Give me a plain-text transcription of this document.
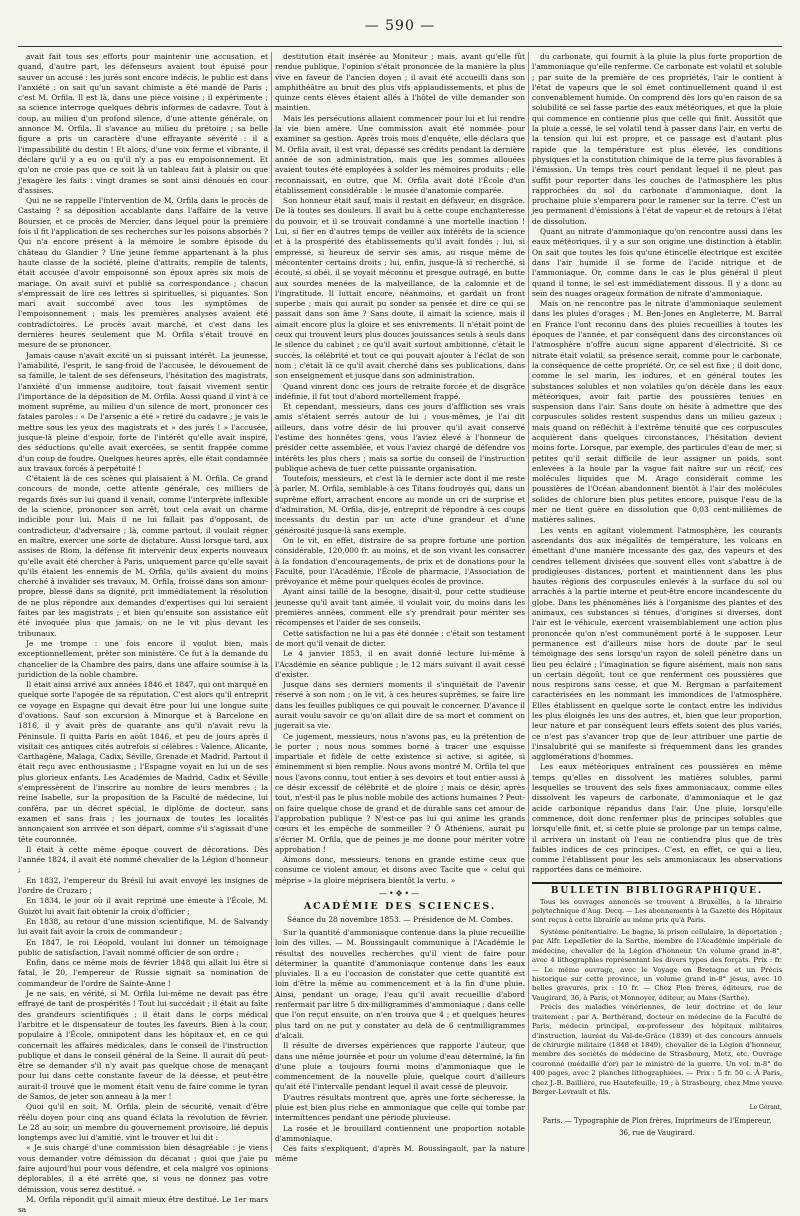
— 590 —

avait fait tous ses efforts pour maintenir une accusation, et quand, d'autre part, les défenseurs avaient tout épuisé pour sauver un accusé : les jurés sont encore indécis, le public est dans l'anxiété : on sait qu'un savant chimiste a été mandé de Paris ; c'est M. Orfila. Il est là, dans une pièce voisine ; il expérimente ; sa science interroge quelques débris informes de cadavre. Tout à coup, au milieu d'un profond silence, d'une attente générale, on annonce M. Orfila. Il s'avance au milieu du prétoire ; sa belle figure a pris un caractère d'une effrayante sévérité : il a l'impassibilité du destin ! Et alors, d'une voix ferme et vibrante, il déclare qu'il y a eu ou qu'il n'y a pas eu empoisonnement. Et qu'on ne croie pas que ce soit là un tableau fait à plaisir ou que j'exagère les faits : vingt drames se sont ainsi dénoués en cour d'assises.

Qui ne se rappelle l'intervention de M. Orfila dans le procès de Castaing ? sa déposition accablante dans l'affaire de la veuve Boursier, et ce procès de Mercier, dans lequel pour la première fois il fit l'application de ses recherches sur les poisons absorbés ? Qui n'a encore présent à la mémoire le sombre épisode du château du Glandier ? Une jeune femme appartenant à la plus haute classe de la société, pleine d'attraits, remplie de talents, était accusée d'avoir empoisonné son époux après six mois de mariage. On avait suivi et publié sa correspondance ; chacun s'empressait de lire ces lettres si spirituelles, si piquantes. Son mari avait succombé avec tous les symptômes de l'empoisonnement ; mais les premières analyses avaient été contradictoires. Le procès avait marché, et c'est dans les dernières heures seulement que M. Orfila s'était trouvé en mesure de se prononcer.

Jamais cause n'avait excité un si puissant intérêt. La jeunesse, l'amabilité, l'esprit, le sang-froid de l'accusée, le dévouement de sa famille, le talent de ses défenseurs, l'hésitation des magistrats, l'anxiété d'un immense auditoire, tout faisait vivement sentir l'importance de la déposition de M. Orfila. Aussi quand il vint à ce moment suprême, au milieu d'un silence de mort, prononcer ces fatales paroles : « De l'arsenic a été » retiré du cadavre ; je vais le mettre sous les yeux des magistrats et » des jurés ! » l'accusée, jusque-là pleine d'espoir, forte de l'intérêt qu'elle avait inspiré, des séductions qu'elle avait exercées, se sentit frappée comme d'un coup de foudre. Quelques heures après, elle était condamnée aux travaux forcés à perpétuité !

C'étaient là de ces scènes qui plaisaient à M. Orfila. Ce grand concours de monde, cette attente générale, ces milliers de regards fixés sur lui quand il venait, comme l'interprète inflexible de la science, prononcer son arrêt, tout cela avait un charme indicible pour lui. Mais il ne lui fallait pas d'opposant, de contradicteur, d'adversaire ; là, comme partout, il voulait régner en maître, exercer une sorte de dictature. Aussi lorsque tard, aux assises de Riom, la défense fit intervenir deux experts nouveaux qu'elle avait été chercher à Paris, uniquement parce qu'elle savait qu'ils étaient les ennemis de M. Orfila, qu'ils avaient du moins cherché à invalider ses travaux, M. Orfila, froissé dans son amour-propre, blessé dans sa dignité, prit immédiatement la résolution de ne plus répondre aux demandes d'expertises qui lui seraient faites par les magistrats ; et bien qu'ensuite son assistance eût été invoquée plus que jamais, on ne le vit plus devant les tribunaux.

Je me trompe : une fois encore il voulut bien, mais exceptionnellement, prêter son ministère. Ce fut à la demande du chancelier de la Chambre des pairs, dans une affaire soumise à la juridiction de la noble chambre.

Il était ainsi arrivé aux années 1846 et 1847, qui ont marqué en quelque sorte l'apogée de sa réputation. C'est alors qu'il entreprit ce voyage en Espagne qui devait être pour lui une longue suite d'ovations. Sauf son excursion à Minorque et à Barcelone en 1816, il y avait près de quarante ans qu'il n'avait revu la Péninsule. Il quitta Paris en août 1846, et peu de jours après il visitait ces antiques cités autrefois si célèbres : Valence, Alicante, Carthagène, Malaga, Cadix, Séville, Grenade et Madrid. Partout il était reçu avec enthousiasme ; l'Espagne voyait en lui un de ses plus glorieux enfants. Les Académies de Madrid, Cadix et Séville s'empressèrent de l'inscrire au nombre de leurs membres ; la reine Isabelle, sur la proposition de la Faculté de médecine, lui conféra, par un décret spécial, le diplôme de docteur, sans examen et sans frais ; les journaux de toutes les localités annonçaient son arrivée et son départ, comme s'il s'agissait d'une tête couronnée.

Il était à cette même époque couvert de décorations. Dès l'année 1824, il avait été nommé chevalier de la Légion d'honneur ;

En 1832, l'empereur du Brésil lui avait envoyé les insignes de l'ordre de Cruzaro ;

En 1834, le jour où il avait reprimé une émeute à l'École, M. Guizot lui avait fait obtenir la croix d'officier ;

En 1838, au retour d'une mission scientifique, M. de Salvandy lui avait fait avoir la croix de commandeur ;

En 1847, le roi Léopold, voulant lui donner un témoignage public de satisfaction, l'avait nommé officier de son ordre ;

Enfin, dans ce même mois de février 1848 qui allait lui être si fatal, le 20, l'empereur de Russie signait sa nomination de commandeur de l'ordre de Sainte-Anne !

Je ne sais, en vérité, si M. Orfila lui-même ne devait pas être effrayé de tant de prospérités ! Tout lui succédait ; il était au faîte des grandeurs scientifiques ; il était dans le corps médical l'arbitre et le dispensateur de toutes les faveurs. Bien à la cour, populaire à l'École, omnipotent dans les hôpitaux et, en ce qui concernait les affaires médicales, dans le conseil de l'instruction publique et dans le conseil général de la Seine. Il aurait dû peut-être se demander s'il n'y avait pas quelque chose de menaçant pour lui dans cette constante faveur de la déesse, et peut-être aurait-il trouvé que le moment était venu de faire comme le tyran de Samos, de jeter son anneau à la mer !

Quoi qu'il en soit, M. Orfila, plein de sécurité, venait d'être réélu doyen pour cinq ans quand éclata la révolution de février. Le 28 au soir, un membre du gouvernement provisoire, lié depuis longtemps avec lui d'amitié, vint le trouver et lui dit :

« Je suis chargé d'une commission bien désagréable : je viens vous demander votre démission du décanat ; quoi que j'aie pu faire aujourd'hui pour vous défendre, et cela malgré vos opinions déplorables, il a été arrêté que, si vous ne donnez pas votre démission, vous serez destitué. »

M. Orfila répondit qu'il aimait mieux être destitué. Le 1er mars sa

destitution était insérée au Moniteur ; mais, avant qu'elle fût rendue publique, l'opinion s'était prononcée de la manière la plus vive en faveur de l'ancien doyen ; il avait été accueilli dans son amphithéâtre au bruit des plus vifs applaudissements, et plus de quinze cents élèves étaient allés à l'hôtel de ville demander son maintien.

Mais les persécutions allaient commencer pour lui et lui rendre la vie bien amère. Une commission avait été nommée pour examiner sa gestion. Après trois mois d'enquête, elle déclara que M. Orfila avait, il est vrai, dépassé ses crédits pendant la dernière année de son administration, mais que les sommes allouées avaient toutes été employées à solder les mémoires produits ; elle reconnaissait, en outre, que M. Orfila avait doté l'École d'un établissement considérable : le musée d'anatomie comparée.

Son honneur était sauf, mais il restait en défaveur, en disgrâce. De là toutes ses douleurs. Il avait bu à cette coupe enchanteresse du pouvoir, et il se trouvait condamné à une mortelle inaction ! Lui, si fier en d'autres temps de veiller aux intérêts de la science et à la prospérité des établissements qu'il avait fondés ; lui, si empressé, si heureux de servir ses amis, au risque même de mécontenter certains droits ; lui, enfin, jusque-là si recherché, si écouté, si obéi, il se voyait méconnu et presque outragé, en butte aux sourdes menées de la malveillance, de la calomnie et de l'ingratitude. Il luttait encore, néanmoins, et gardait un front superbe ; mais qui aurait pu sonder sa pensée et dire ce qui se passait dans son âme ? Sans doute, il aimait la science, mais il aimait encore plus la gloire et ses enivrements. Il n'était point de ceux qui trouvent leurs plus douces jouissances seuls à seuls dans le silence du cabinet ; ce qu'il avait surtout ambitionné, c'était le succès, la célébrité et tout ce qui pouvait ajouter à l'éclat de son nom ; c'était là ce qu'il avait cherché dans ses publications, dans son enseignement et jusque dans son administration.

Quand vinrent donc ces jours de retraite forcée et de disgrâce indéfinie, il fut tout d'abord mortellement frappé.

Et cependant, messieurs, dans ces jours d'affliction ses vrais amis s'étaient serrés autour de lui ; vous-mêmes, je l'ai dit ailleurs, dans votre désir de lui prouver qu'il avait conservé l'estime des honnêtes gens, vous l'aviez élevé à l'honneur de présider cette assemblée, et vous l'aviez chargé de défendre vos intérêts les plus chers ; mais sa sortie du conseil de l'instruction publique acheva de tuer cette puissante organisation.

Toutefois, messieurs, et c'est là le dernier acte dont il me reste à parler, M. Orfila, semblable à ces Titans foudroyés qui, dans un suprême effort, arrachent encore au monde un cri de surprise et d'admiration, M. Orfila, dis-je, entreprit de répondre à ces coups incessants du destin par un acte d'une grandeur et d'une générosité jusque-là sans exemple.

On le vit, en effet, distraire de sa propre fortune une portion considérable, 120,000 fr. au moins, et de son vivant les consacrer à la fondation d'encouragements, de prix et de donations pour la Faculté, pour l'Académie, l'École de pharmacie, l'Association de prévoyance et même pour quelques écoles de province.

Ayant ainsi taillé de la besogne, disait-il, pour cette studieuse jeunesse qu'il avait tant aimée, il voulait voir, du moins dans les premières années, comment elle s'y prendrait pour mériter ses récompenses et l'aider de ses conseils.

Cette satisfaction ne lui a pas été donnée : c'était son testament de mort qu'il venait de dicter.

Le 4 janvier 1853, il en avait donné lecture lui-même à l'Académie en séance publique ; le 12 mars suivant il avait cessé d'exister.

Jusque dans ses derniers moments il s'inquiétait de l'avenir réservé à son nom ; on le vit, à ces heures suprêmes, se faire lire dans les feuilles publiques ce qui pouvait le concerner. D'avance il aurait voulu savoir ce qu'on allait dire de sa mort et comment on jugerait sa vie.

Ce jugement, messieurs, nous n'avons pas, eu la prétention de le porter ; nous nous sommes borné à tracer une esquisse impartiale et fidèle de cette existence si active, si agitée, si éminemment si bien remplie. Nous avons montré M. Orfila tel que nous l'avons connu, tout entier à ses devoirs et tout entier aussi à ce désir excessif de célébrité et de gloire ; mais ce désir, après tout, n'est-il pas le plus noble mobile des actions humaines ? Peut-on faire quelque chose de grand et de durable sans cet amour de l'approbation publique ? N'est-ce pas lui qui anime les grands cœurs et les empêche de sommeiller ? Ô Athéniens, aurait pu s'écrier M. Orfila, que de peines je me donne pour mériter votre approbation !

Aimons donc, messieurs, tenons en grande estime ceux que consume ce violent amour, et disons avec Tacite que « celui qui méprise » la gloire méprisera bientôt la vertu. »

—•✥•—
ACADÉMIE DES SCIENCES.
Séance du 28 novembre 1853. — Présidence de M. Combes.

Sur la quantité d'ammoniaque contenue dans la pluie recueillie loin des villes. — M. Boussingault communique à l'Académie le résultat des nouvelles recherches qu'il vient de faire pour déterminer la quantité d'ammoniaque contenue dans les eaux pluviales. Il a eu l'occasion de constater que cette quantité est loin d'être la même au commencement et à la fin d'une pluie. Ainsi, pendant un orage, l'eau qu'il avait recueillie d'abord renfermait par litre 5 dix-milligrammes d'ammoniaque ; dans celle que l'on reçut ensuite, on n'en trouva que 4 ; et quelques heures plus tard on ne put y constater au delà de 6 centmilligrammes d'alcali.

Il résulte de diverses expériences que rapporte l'auteur, que dans une même journée et pour un volume d'eau déterminé, la fin d'une pluie a toujours fourni moins d'ammoniaque que le commencement de la nouvelle pluie, quelque court d'ailleurs qu'ait été l'intervalle pendant lequel il avait cessé de pleuvoir.

D'autres résultats montrent que, après une forte sécheresse, la pluie est bien plus riche en ammoniaque que celle qui tombe par intermittences pendant une période pluvieuse.

La rosée et le brouillard contiennent une proportion notable d'ammoniaque.

Ces faits s'expliquent, d'après M. Boussingault, par la nature même

du carbonate, qui fournit à la pluie la plus forte proportion de l'ammoniaque qu'elle renferme. Ce carbonate est volatil et soluble ; par suite de la première de ces propriétés, l'air le contient à l'état de vapeurs que le sol émet continuellement quand il est convenablement humide. On comprend dès lors qu'en raison de sa solubilité ce sel fasse partie des eaux météoriques, et que la pluie qui commence en contienne plus que celle qui finit. Aussitôt que la pluie a cessé, le sel volatil tend à passer dans l'air, en vertu de la tension qui lui est propre, et ce passage est d'autant plus rapide que la température est plus élevée, les conditions physiques et la constitution chimique de la terre plus favorables à l'émission. Un temps très court pendant lequel il ne pleut pas suffit pour reporter dans les couches de l'atmosphère les plus rapprochées du sol du carbonate d'ammoniaque, dont la prochaine pluie s'emparera pour le ramener sur la terre. C'est un jeu permanent d'émissions à l'état de vapeur et de retours à l'état de dissolution.

Quant au nitrate d'ammoniaque qu'on rencontre aussi dans les eaux météoriques, il y a sur son origine une distinction à établir. On sait que toutes les fois qu'une étincelle électrique est excitée dans l'air humide il se forme de l'acide nitrique et de l'ammoniaque. Or, comme dans le cas le plus général il pleut quand il tonne, le sel est immédiatement dissous. Il y a donc au sein des nuages orageux formation de nitrate d'ammoniaque.

Mais on ne rencontre pas le nitrate d'ammoniaque seulement dans les pluies d'orages ; M. Ben-Jones en Angleterre, M. Barral en France l'ont reconnu dans des pluies recueillies à toutes les époques de l'année, et par conséquent dans des circonstances où l'atmosphère n'offre aucun signe apparent d'électricité. Si ce nitrate était volatil, sa présence serait, comme pour le carbonate, la conséquence de cette propriété. Or, ce sel est fixe ; il doit donc, comme le sel marin, les iodures, et en général toutes les substances solubles et non volatiles qu'on décèle dans les eaux météoriques, avoir fait partie des poussières tenues en suspension dans l'air. Sans doute on hésite à admettre que des corpuscules solides restent suspendus dans un milieu gazeux ; mais quand on réfléchit à l'extrême ténuité que ces corpuscules acquièrent dans quelques circonstances, l'hésitation devient moins forte. Lorsque, par exemple, des particules d'eau de mer, si petites qu'il serait difficile de leur assigner un poids, sont enlevées à la houle par la vague fait naître sur un récif, ces molécules liquides que M. Arago considérait comme les poussières de l'Océan abandonnent bientôt à l'air des molécules solides de chlorure bien plus petites encore, puisque l'eau de la mer ne tient guère en dissolution que 0,03 cent-millièmes de matières salines.

Les vents en agitant violemment l'atmosphère, les courants ascendants dus aux inégalités de température, les volcans en émettant d'une manière incessante des gaz, des vapeurs et des cendres tellement divisées que souvent elles vont s'abattre à de prodigieuses distances, portent et maintiennent dans les plus hautes régions des corpuscules enlevés à la surface du sol ou arrachés à la partie interne et peut-être encore incandescente du globe. Dans les phénomènes liés à l'organisme des plantes et des animaux, ces substances si ténues, d'origines si diverses, dont l'air est le véhicule, exercent vraisemblablement une action plus prononcée qu'on n'est communément porté à le supposer. Leur permanence est d'ailleurs mise hors de doute par le seul témoignage des sens lorsqu'un rayon de soleil pénètre dans un lieu peu éclairé ; l'imagination se figure aisément, mais non sans un certain dégoût, tout ce que renferment ces poussières que nous respirons sans cesse, et que M. Bergman a parfaitement caractérisées en les nommant les immondices de l'atmosphère. Elles établissent en quelque sorte le contact entre les individus les plus éloignés les uns des autres, et, bien que leur proportion, leur nature et par conséquent leurs effets soient des plus variés, ce n'est pas s'avancer trop que de leur attribuer une partie de l'insalubrité qui se manifeste si fréquemment dans les grandes agglomérations d'hommes.

Les eaux météoriques entraînent ces poussières en même temps qu'elles en dissolvent les matières solubles, parmi lesquelles se trouvent des sels fixes ammoniacaux, comme elles dissolvent les vapeurs de carbonate, d'ammoniaque et le gaz acide carbonique répandus dans l'air. Une pluie, lorsqu'elle commence, doit donc renfermer plus de principes solubles que lorsqu'elle finit, et, si cette pluie se prolonge par un temps calme, il arrivera un instant où l'eau ne contiendra plus que de très faibles indices de ces principes. C'est, en effet, ce qui a lieu, comme l'établissent pour les sels ammoniacaux les observations rapportées dans ce mémoire.

BULLETIN BIBLIOGRAPHIQUE.

Tous les ouvrages annoncés se trouvent à Bruxelles, à la librairie polytechnique d'Aug. Decq. — Les abonnements à la Gazette des Hôpitaux sont reçus à cette librairie au même prix qu'à Paris.

Système pénitentiaire. Le bagne, la prison cellulaire, la déportation ; par Alfr. Lepelletier de la Sarthe, membre de l'Académie impériale de médecine, chevalier de la Légion d'honneur. Un volume grand in-8°, avec 4 lithographies représentant les divers types des forçats. Prix : fr. — Le même ouvrage, avec le Voyage en Bretagne et un Précis historique sur cette province, un volume grand in-8° jésus, avec 10 belles gravures, prix : 10 fr. — Chez Plon frères, éditeurs, rue de Vaugirard, 36, à Paris, et Monnoyer, éditeur, au Mans (Sarthe).

Précis des maladies vénériennes, de leur doctrine et de leur traitement ; par A. Berthérand, docteur en médecine de la Faculté de Paris, médecin principal, ex-professeur des hôpitaux militaires d'instruction, lauréat du Val-de-Grâce (1839) et des concours annuels de chirurgie militaire (1848 et 1849), chevalier de la Légion d'honneur, membre des sociétés de médecine de Strasbourg, Metz, etc. Ouvrage couronné (médaille d'or) par le ministre de la guerre. Un vol. in-8° de 400 pages, avec 2 planches lithographiées. — Prix : 5 fr. 50 c. À Paris, chez J.-B. Baillière, rue Hautefeuille, 19 ; à Strasbourg, chez Mme veuve Berger-Levrault et fils.

Le Gérant,
Paris. — Typographie de Plon frères, Imprimeurs de l'Empereur,
36, rue de Vaugirard.
